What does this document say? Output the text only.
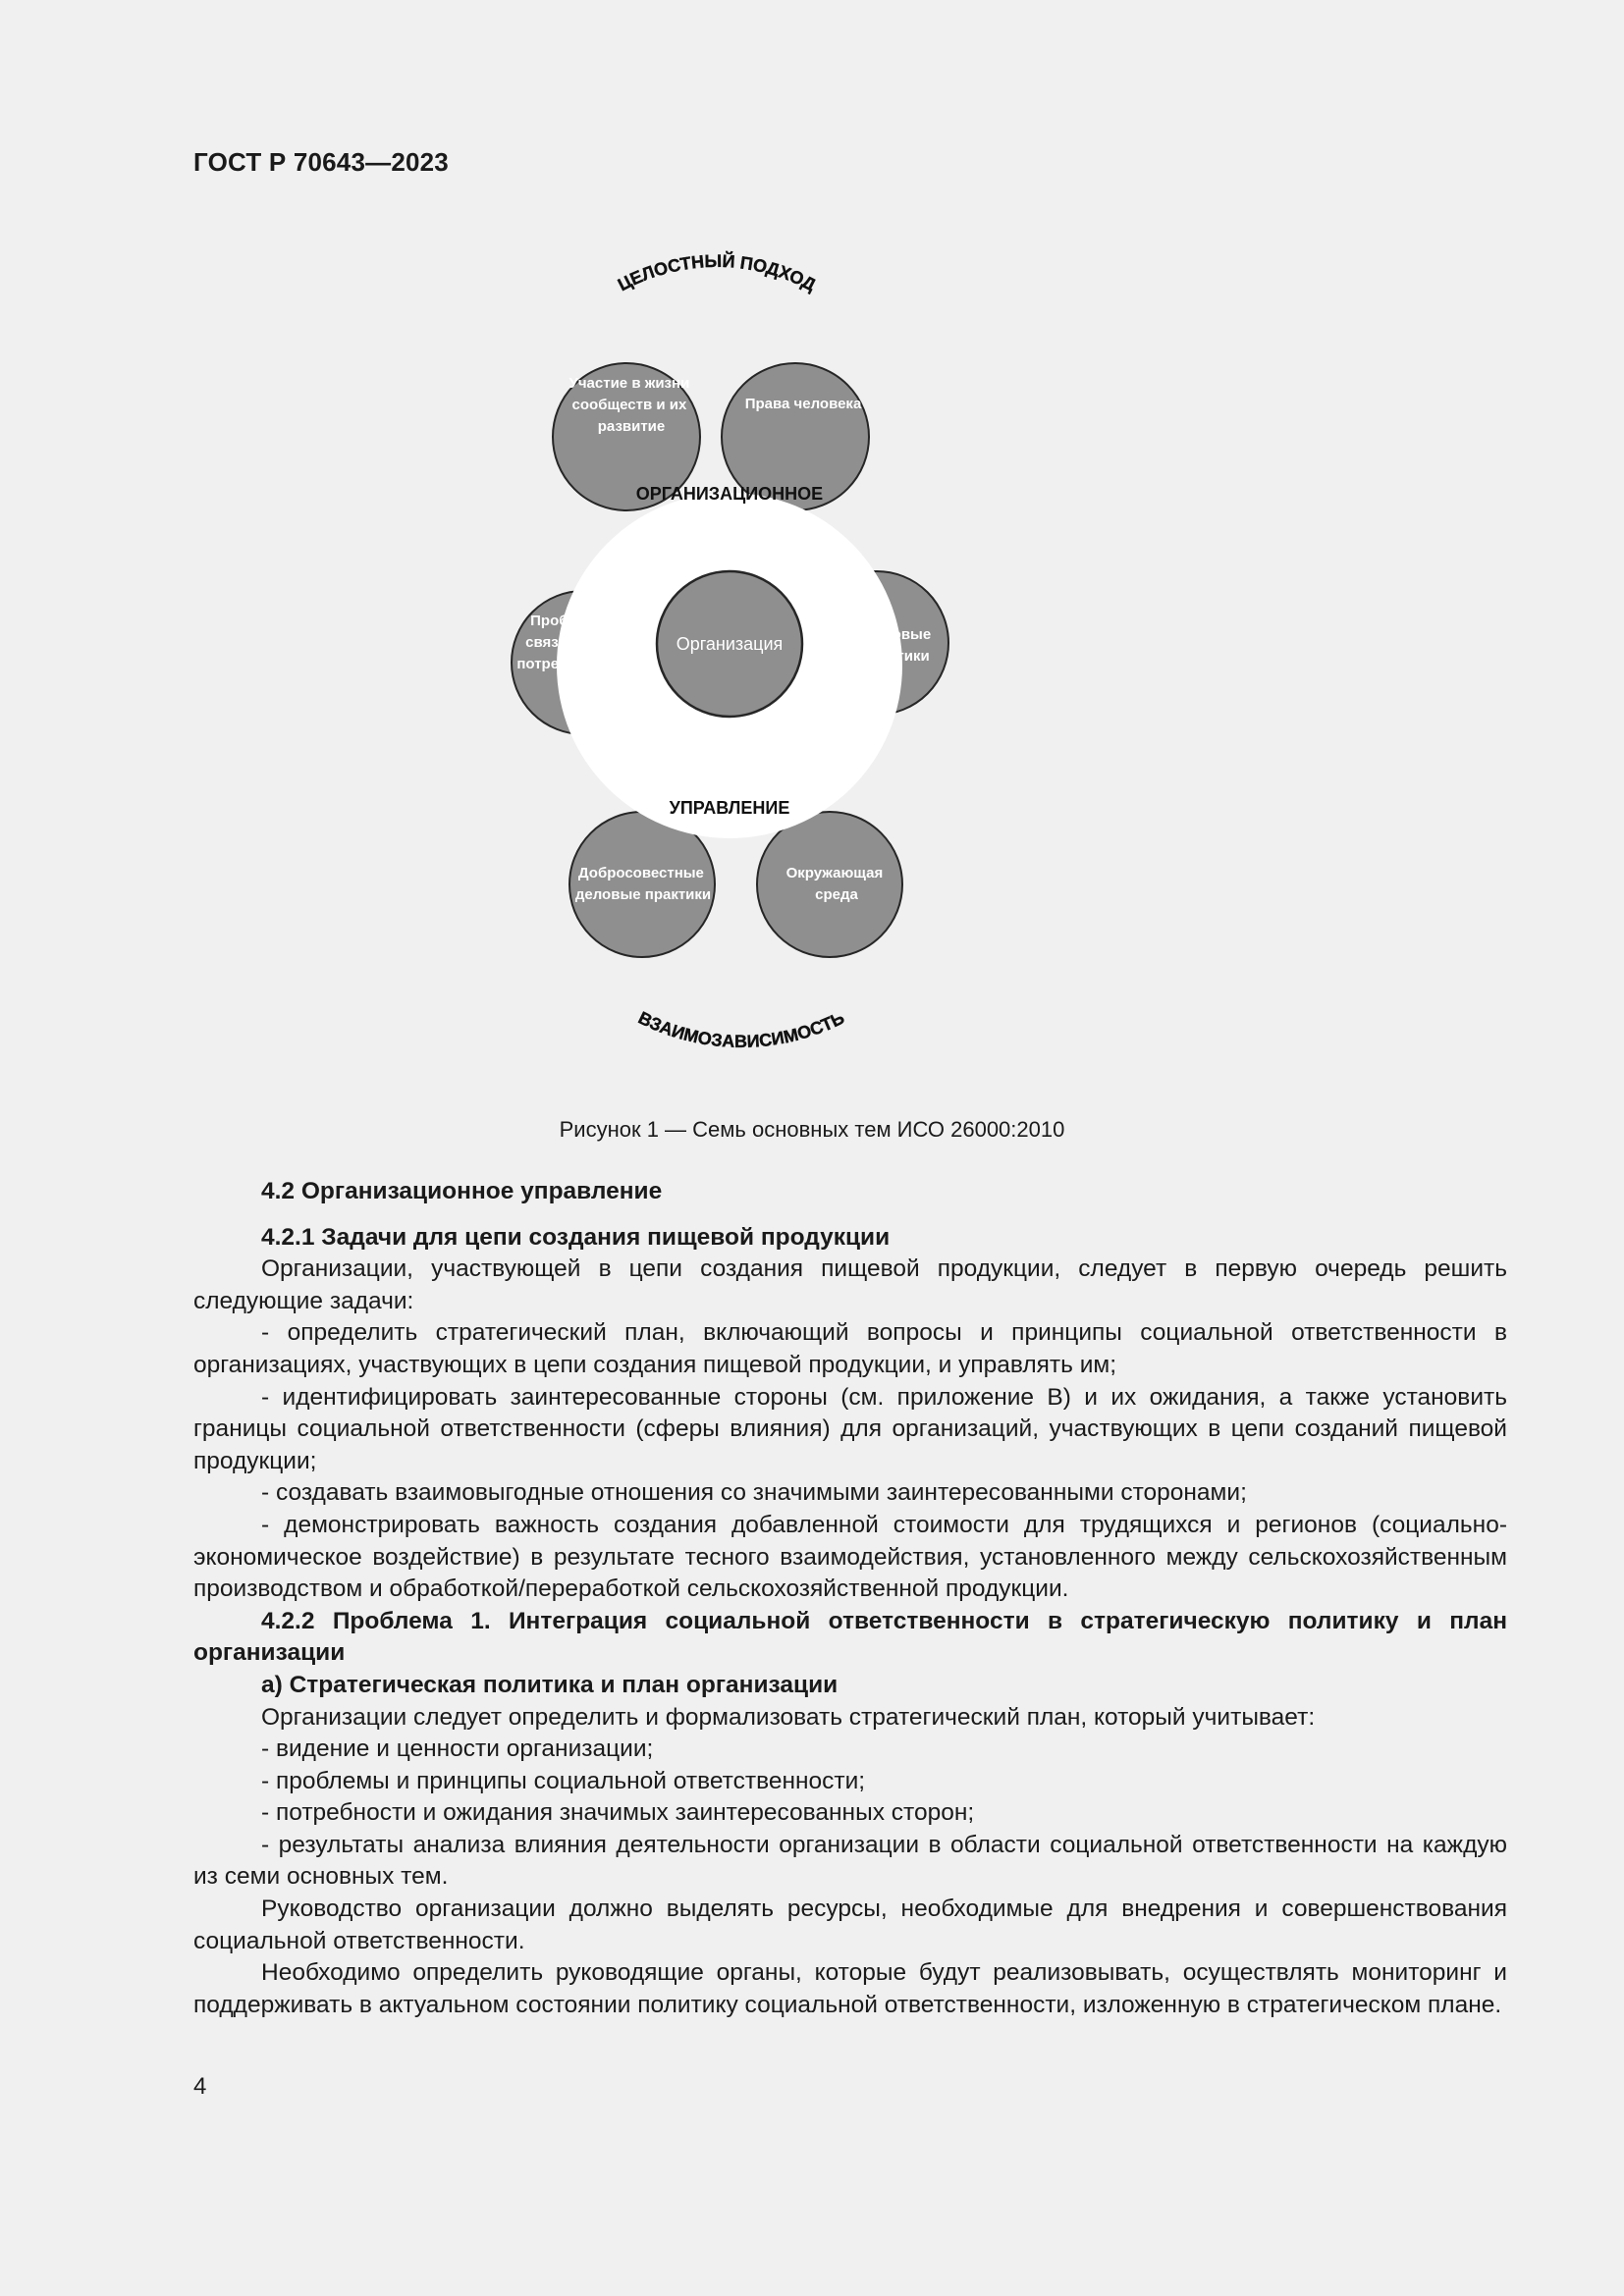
ГОСТ Р 70643—2023
ЦЕЛОСТНЫЙ ПОДХОД
ОРГАНИЗАЦИОННОЕ
УПРАВЛЕНИЕ
Организация
Участие в жизни сообществ и их развитие
Права человека
Трудовые практики
Окружающая среда
Добросовестные деловые практики
Проблемы, связанные с потребителями
ВЗАИМОЗАВИСИМОСТЬ
Рисунок 1 — Семь основных тем ИСО 26000:2010

4.2 Организационное управление

4.2.1 Задачи для цепи создания пищевой продукции

Организации, участвующей в цепи создания пищевой продукции, следует в первую очередь решить следующие задачи:

- определить стратегический план, включающий вопросы и принципы социальной ответственности в организациях, участвующих в цепи создания пищевой продукции, и управлять им;

- идентифицировать заинтересованные стороны (см. приложение В) и их ожидания, а также установить границы социальной ответственности (сферы влияния) для организаций, участвующих в цепи созданий пищевой продукции;

- создавать взаимовыгодные отношения со значимыми заинтересованными сторонами;

- демонстрировать важность создания добавленной стоимости для трудящихся и регионов (социально-экономическое воздействие) в результате тесного взаимодействия, установленного между сельскохозяйственным производством и обработкой/переработкой сельскохозяйственной продукции.

4.2.2 Проблема 1. Интеграция социальной ответственности в стратегическую политику и план организации

а) Стратегическая политика и план организации

Организации следует определить и формализовать стратегический план, который учитывает:

- видение и ценности организации;

- проблемы и принципы социальной ответственности;

- потребности и ожидания значимых заинтересованных сторон;

- результаты анализа влияния деятельности организации в области социальной ответственности на каждую из семи основных тем.

Руководство организации должно выделять ресурсы, необходимые для внедрения и совершенствования социальной ответственности.

Необходимо определить руководящие органы, которые будут реализовывать, осуществлять мониторинг и поддерживать в актуальном состоянии политику социальной ответственности, изложенную в стратегическом плане.

4
